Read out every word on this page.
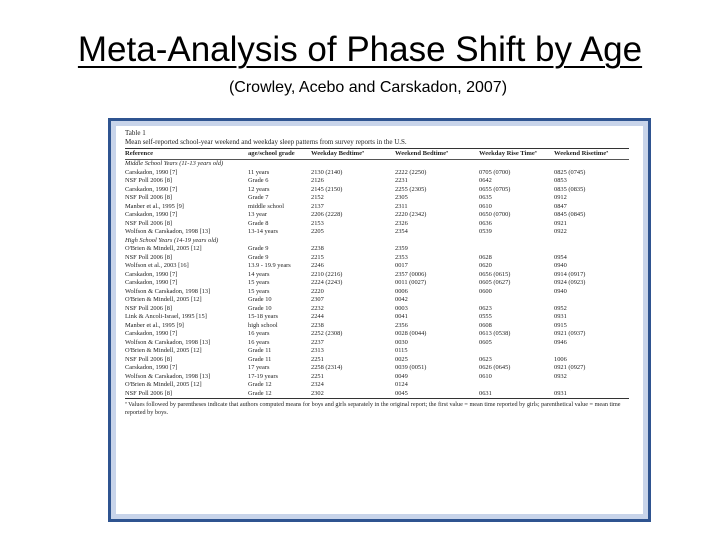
Meta-Analysis of Phase Shift by Age
(Crowley, Acebo and Carskadon, 2007)
Table 1
Mean self-reported school-year weekend and weekday sleep patterns from survey reports in the U.S.
Reference	age/school grade	Weekday Bedtimeª	Weekend Bedtimeª	Weekday Rise Timeª	Weekend Risetimeª
Middle School Years (11-13 years old)
Carskadon, 1990 [7]	11 years	2130 (2140)	2222 (2250)	0705 (0700)	0825 (0745)
NSF Poll 2006 [8]	Grade 6	2126	2231	0642	0853
Carskadon, 1990 [7]	12 years	2145 (2150)	2255 (2305)	0655 (0705)	0835 (0835)
NSF Poll 2006 [8]	Grade 7	2152	2305	0635	0912
Manber et al., 1995 [9]	middle school	2137	2311	0610	0847
Carskadon, 1990 [7]	13 year	2206 (2228)	2220 (2342)	0650 (0700)	0845 (0845)
NSF Poll 2006 [8]	Grade 8	2153	2326	0636	0921
Wolfson & Carskadon, 1998 [13]	13-14 years	2205	2354	0539	0922
High School Years (14-19 years old)
O'Brien & Mindell, 2005 [12]	Grade 9	2238	2359
NSF Poll 2006 [8]	Grade 9	2215	2353	0628	0954
Wolfson et al., 2003 [16]	13.9 - 19.9 years	2246	0017	0620	0940
Carskadon, 1990 [7]	14 years	2210 (2216)	2357 (0006)	0656 (0615)	0914 (0917)
Carskadon, 1990 [7]	15 years	2224 (2243)	0011 (0027)	0605 (0627)	0924 (0923)
Wolfson & Carskadon, 1998 [13]	15 years	2220	0006	0600	0940
O'Brien & Mindell, 2005 [12]	Grade 10	2307	0042
NSF Poll 2006 [8]	Grade 10	2232	0003	0623	0952
Link & Ancoli-Israel, 1995 [15]	15-18 years	2244	0041	0555	0931
Manber et al., 1995 [9]	high school	2238	2356	0608	0915
Carskadon, 1990 [7]	16 years	2252 (2308)	0028 (0044)	0613 (0538)	0921 (0937)
Wolfson & Carskadon, 1998 [13]	16 years	2237	0030	0605	0946
O'Brien & Mindell, 2005 [12]	Grade 11	2313	0115
NSF Poll 2006 [8]	Grade 11	2251	0025	0623	1006
Carskadon, 1990 [7]	17 years	2258 (2314)	0039 (0051)	0626 (0645)	0921 (0927)
Wolfson & Carskadon, 1998 [13]	17-19 years	2251	0049	0610	0932
O'Brien & Mindell, 2005 [12]	Grade 12	2324	0124
NSF Poll 2006 [8]	Grade 12	2302	0045	0631	0931
ª Values followed by parentheses indicate that authors computed means for boys and girls separately in the original report; the first value = mean time reported by girls; parenthetical value = mean time reported by boys.
